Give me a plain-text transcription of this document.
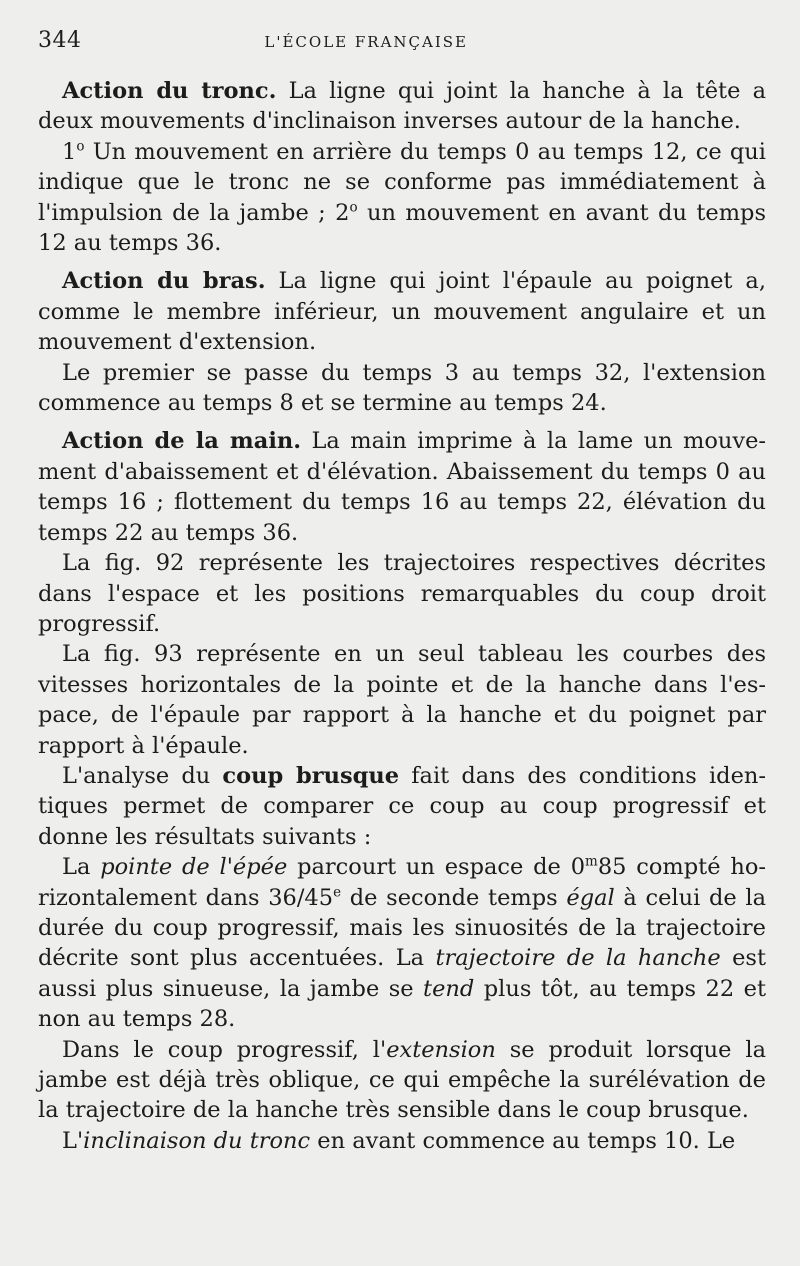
344	L'ÉCOLE FRANÇAISE

Action du tronc. La ligne qui joint la hanche à la tête a deux mouvements d'inclinaison inverses autour de la hanche.

1$^o$ Un mouvement en arrière du temps 0 au temps 12, ce qui indique que le tronc ne se conforme pas immédiatement à l'impulsion de la jambe ; 2$^o$ un mouvement en avant du temps 12 au temps 36.

Action du bras. La ligne qui joint l'épaule au poignet a, comme le membre inférieur, un mouvement angulaire et un mouvement d'extension.

Le premier se passe du temps 3 au temps 32, l'extension commence au temps 8 et se termine au temps 24.

Action de la main. La main imprime à la lame un mouvement d'abaissement et d'élévation. Abaissement du temps 0 au temps 16 ; flottement du temps 16 au temps 22, élévation du temps 22 au temps 36.

La fig. 92 représente les trajectoires respectives décrites dans l'espace et les positions remarquables du coup droit progressif.

La fig. 93 représente en un seul tableau les courbes des vitesses horizontales de la pointe et de la hanche dans l'espace, de l'épaule par rapport à la hanche et du poignet par rapport à l'épaule.

L'analyse du coup brusque fait dans des conditions identiques permet de comparer ce coup au coup progressif et donne les résultats suivants :

La pointe de l'épée parcourt un espace de 0$^m$85 compté horizontalement dans 36/45e de seconde temps égal à celui de la durée du coup progressif, mais les sinuosités de la trajectoire décrite sont plus accentuées. La trajectoire de la hanche est aussi plus sinueuse, la jambe se tend plus tôt, au temps 22 et non au temps 28.

Dans le coup progressif, l'extension se produit lorsque la jambe est déjà très oblique, ce qui empêche la surélévation de la trajectoire de la hanche très sensible dans le coup brusque.

L'inclinaison du tronc en avant commence au temps 10. Le
